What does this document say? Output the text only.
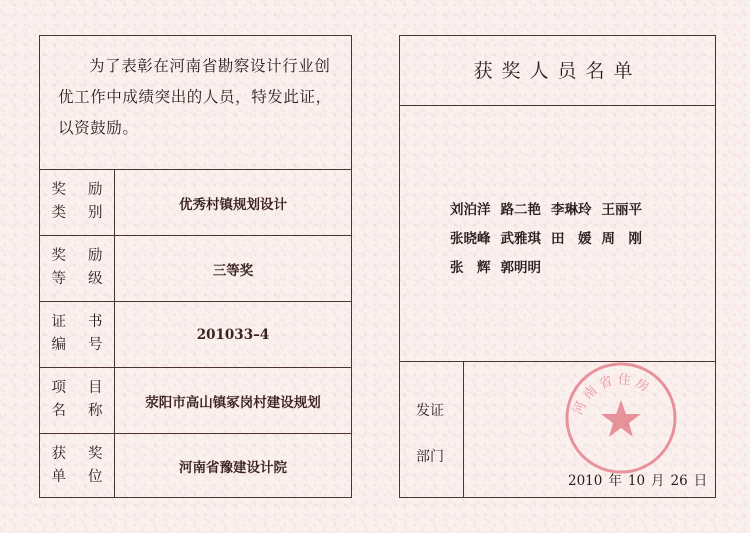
为了表彰在河南省勘察设计行业创
优工作中成绩突出的人员，特发此证，以资鼓励。
奖励
类别
优秀村镇规划设计
奖励
等级
三等奖
证书
编号
201033–4
项目
名称
荥阳市高山镇冢岗村建设规划
获奖
单位
河南省豫建设计院
获奖人员名单
刘泊洋 路二艳 李琳玲 王丽平
张晓峰 武雅琪 田　媛 周　刚
张　辉 郭明明
发证
部门
河南省住房
2010 年 10 月 26 日
